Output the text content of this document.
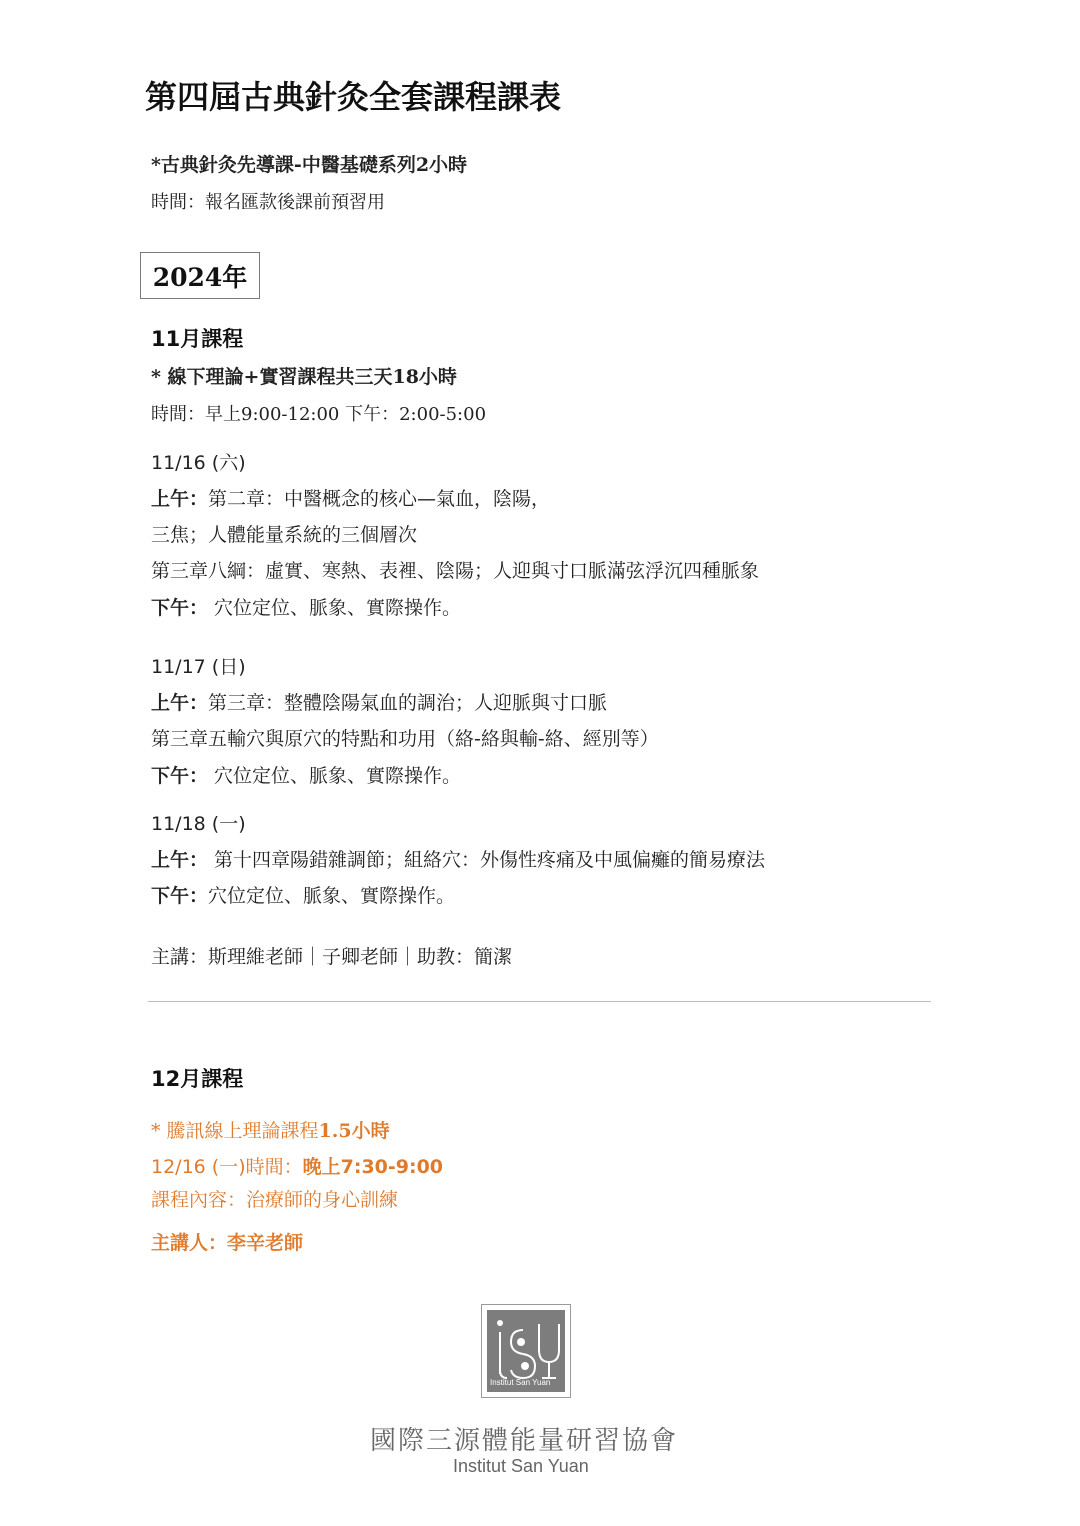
第四屆古典針灸全套課程課表
*古典針灸先導課-中醫基礎系列2小時
時間：報名匯款後課前預習用
2024年
11月課程
* 線下理論+實習課程共三天18小時
時間：早上9:00-12:00 下午：2:00-5:00
11/16 (六)
上午：第二章：中醫概念的核心—氣血，陰陽，
三焦；人體能量系統的三個層次
第三章八綱：虛實、寒熱、表裡、陰陽；人迎與寸口脈滿弦浮沉四種脈象
下午： 穴位定位、脈象、實際操作。
11/17 (日)
上午：第三章：整體陰陽氣血的調治；人迎脈與寸口脈
第三章五輸穴與原穴的特點和功用（絡-絡與輸-絡、經別等）
下午： 穴位定位、脈象、實際操作。
11/18 (一)
上午： 第十四章陽錯雜調節；組絡穴：外傷性疼痛及中風偏癱的簡易療法
下午：穴位定位、脈象、實際操作。
主講：斯理維老師｜子卿老師｜助教：簡潔
12月課程
* 騰訊線上理論課程1.5小時
12/16 (一)時間：晚上7:30-9:00
課程內容：治療師的身心訓練
主講人：李辛老師
Institut San Yuan
國際三源體能量研習協會
Institut San Yuan
